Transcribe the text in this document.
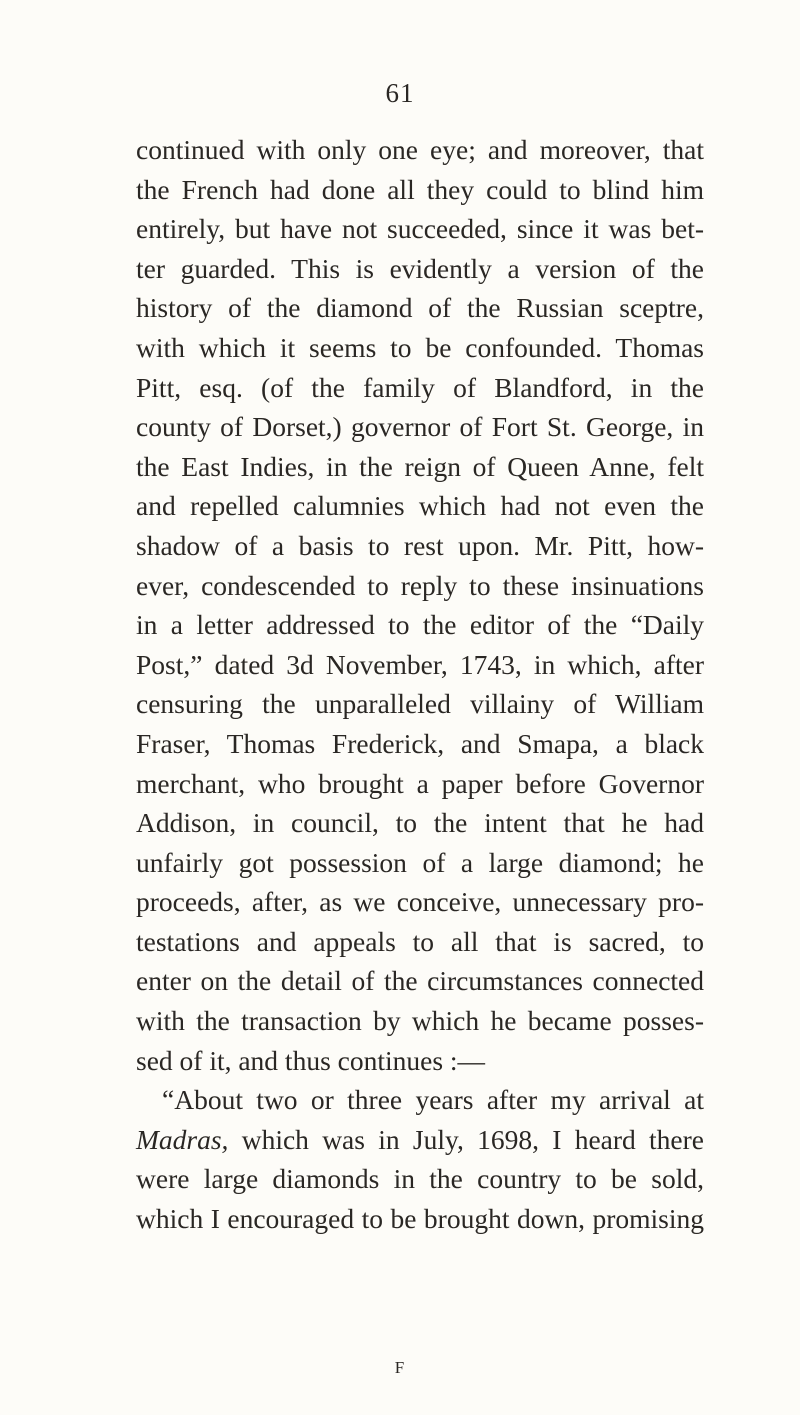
61
continued with only one eye; and moreover, that
the French had done all they could to blind him
entirely, but have not succeeded, since it was bet-
ter guarded. This is evidently a version of the
history of the diamond of the Russian sceptre,
with which it seems to be confounded. Thomas
Pitt, esq. (of the family of Blandford, in the
county of Dorset,) governor of Fort St. George, in
the East Indies, in the reign of Queen Anne, felt
and repelled calumnies which had not even the
shadow of a basis to rest upon. Mr. Pitt, how-
ever, condescended to reply to these insinuations
in a letter addressed to the editor of the “Daily
Post,” dated 3d November, 1743, in which, after
censuring the unparalleled villainy of William
Fraser, Thomas Frederick, and Smapa, a black
merchant, who brought a paper before Governor
Addison, in council, to the intent that he had
unfairly got possession of a large diamond; he
proceeds, after, as we conceive, unnecessary pro-
testations and appeals to all that is sacred, to
enter on the detail of the circumstances connected
with the transaction by which he became posses-
sed of it, and thus continues :—
“About two or three years after my arrival at
Madras, which was in July, 1698, I heard there
were large diamonds in the country to be sold,
which I encouraged to be brought down, promising
F
